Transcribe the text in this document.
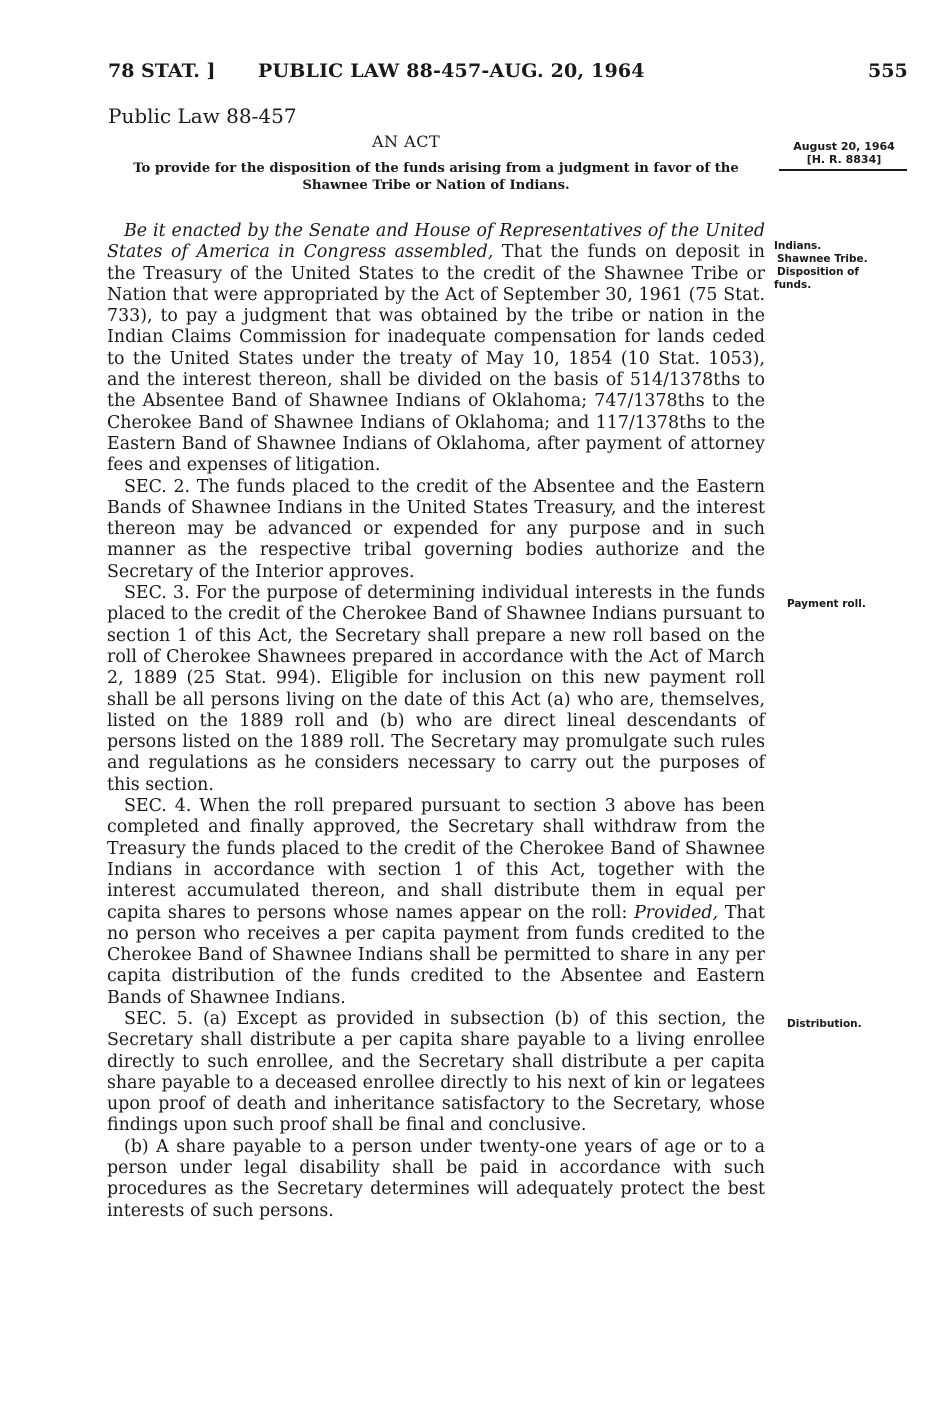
78 STAT. ] PUBLIC LAW 88-457-AUG. 20, 1964	555
Public Law 88-457
AN ACT
To provide for the disposition of the funds arising from a judgment in favor of the Shawnee Tribe or Nation of Indians.
August 20, 1964
[H. R. 8834]
Indians.
Shawnee Tribe.
Disposition of
funds.
Payment roll.
Distribution.

Be it enacted by the Senate and House of Representatives of the United States of America in Congress assembled, That the funds on deposit in the Treasury of the United States to the credit of the Shawnee Tribe or Nation that were appropriated by the Act of September 30, 1961 (75 Stat. 733), to pay a judgment that was obtained by the tribe or nation in the Indian Claims Commission for inadequate compensation for lands ceded to the United States under the treaty of May 10, 1854 (10 Stat. 1053), and the interest thereon, shall be divided on the basis of 514/1378ths to the Absentee Band of Shawnee Indians of Oklahoma; 747/1378ths to the Cherokee Band of Shawnee Indians of Oklahoma; and 117/1378ths to the Eastern Band of Shawnee Indians of Oklahoma, after payment of attorney fees and expenses of litigation.

SEC. 2. The funds placed to the credit of the Absentee and the Eastern Bands of Shawnee Indians in the United States Treasury, and the interest thereon may be advanced or expended for any purpose and in such manner as the respective tribal governing bodies authorize and the Secretary of the Interior approves.

SEC. 3. For the purpose of determining individual interests in the funds placed to the credit of the Cherokee Band of Shawnee Indians pursuant to section 1 of this Act, the Secretary shall prepare a new roll based on the roll of Cherokee Shawnees prepared in accordance with the Act of March 2, 1889 (25 Stat. 994). Eligible for inclusion on this new payment roll shall be all persons living on the date of this Act (a) who are, themselves, listed on the 1889 roll and (b) who are direct lineal descendants of persons listed on the 1889 roll. The Secretary may promulgate such rules and regulations as he considers necessary to carry out the purposes of this section.

SEC. 4. When the roll prepared pursuant to section 3 above has been completed and finally approved, the Secretary shall withdraw from the Treasury the funds placed to the credit of the Cherokee Band of Shawnee Indians in accordance with section 1 of this Act, together with the interest accumulated thereon, and shall distribute them in equal per capita shares to persons whose names appear on the roll: Provided, That no person who receives a per capita payment from funds credited to the Cherokee Band of Shawnee Indians shall be permitted to share in any per capita distribution of the funds credited to the Absentee and Eastern Bands of Shawnee Indians.

SEC. 5. (a) Except as provided in subsection (b) of this section, the Secretary shall distribute a per capita share payable to a living enrollee directly to such enrollee, and the Secretary shall distribute a per capita share payable to a deceased enrollee directly to his next of kin or legatees upon proof of death and inheritance satisfactory to the Secretary, whose findings upon such proof shall be final and conclusive.

(b) A share payable to a person under twenty-one years of age or to a person under legal disability shall be paid in accordance with such procedures as the Secretary determines will adequately protect the best interests of such persons.
